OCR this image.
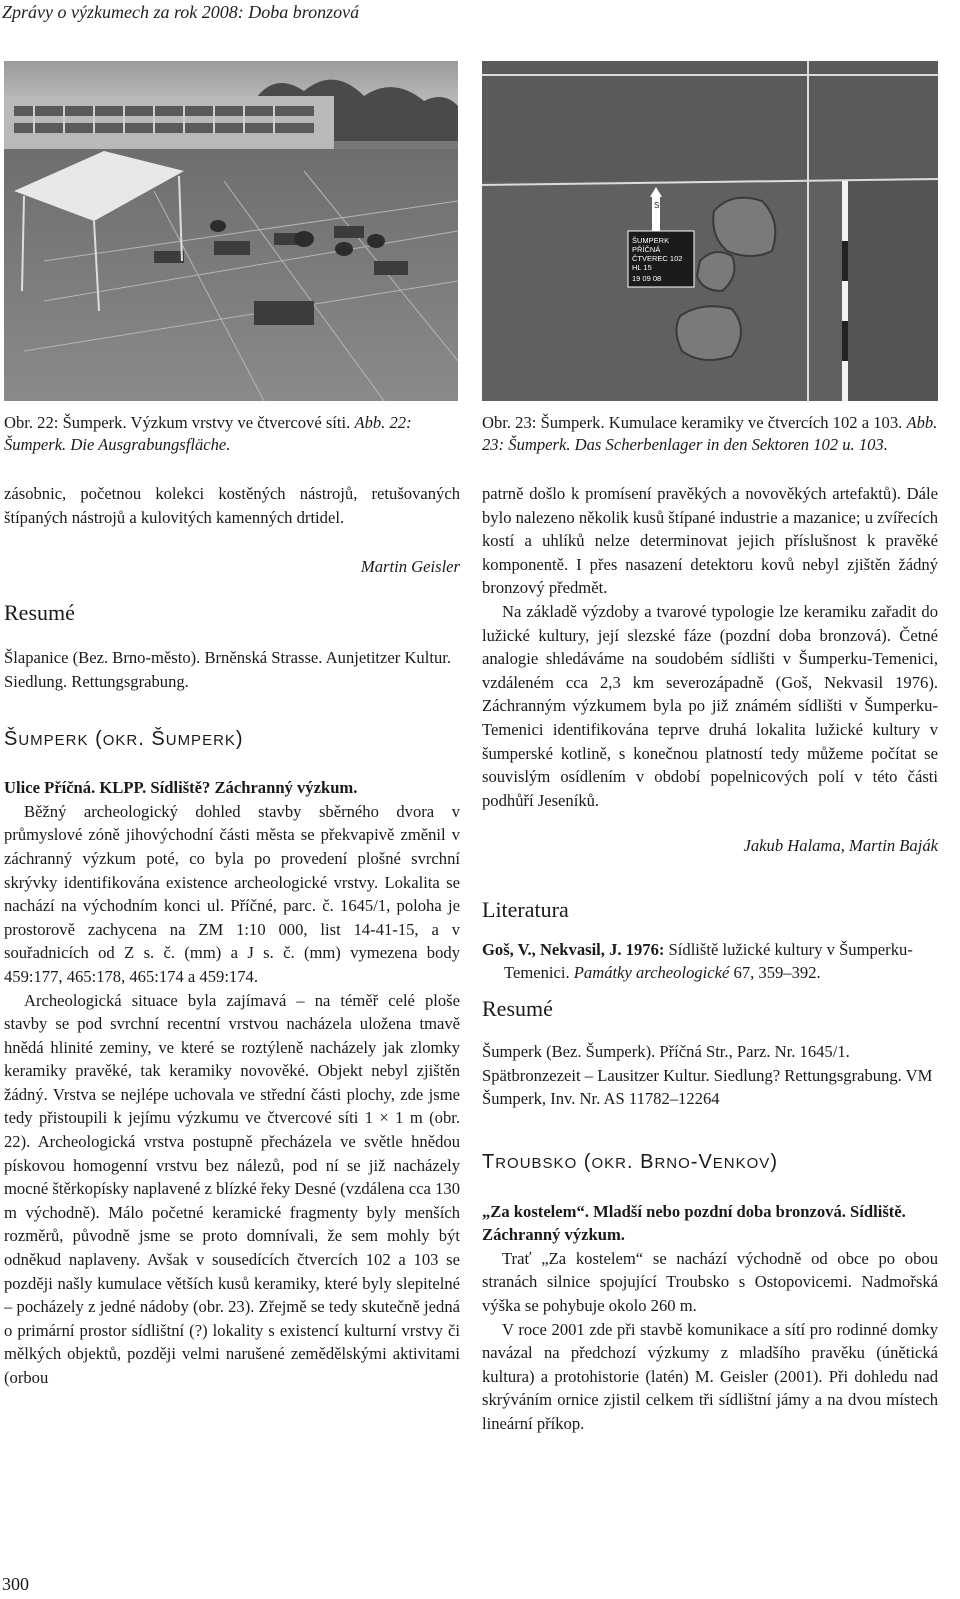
Zprávy o výzkumech za rok 2008: Doba bronzová
S
ŠUMPERK
PŘÍČNÁ
ČTVEREC 102
HL 15
19 09 08

Obr. 22: Šumperk. Výzkum vrstvy ve čtvercové síti. Abb. 22: Šumperk. Die Ausgrabungsfläche.

zásobnic, početnou kolekci kostěných nástrojů, retušovaných štípaných nástrojů a kulovitých kamenných drtidel.

Martin Geisler

Resumé

Šlapanice (Bez. Brno-město). Brněnská Strasse. Aunjetitzer Kultur. Siedlung. Rettungsgrabung.

ŠUMPERK (OKR. ŠUMPERK)

Ulice Příčná. KLPP. Sídliště? Záchranný výzkum.

Běžný archeologický dohled stavby sběrného dvora v průmyslové zóně jihovýchodní části města se překvapivě změnil v záchranný výzkum poté, co byla po provedení plošné svrchní skrývky identifikována existence archeologické vrstvy. Lokalita se nachází na východním konci ul. Příčné, parc. č. 1645/1, poloha je prostorově zachycena na ZM 1:10 000, list 14-41-15, a v souřadnicích od Z s. č. (mm) a J s. č. (mm) vymezena body 459:177, 465:178, 465:174 a 459:174.

Archeologická situace byla zajímavá – na téměř celé ploše stavby se pod svrchní recentní vrstvou nacházela uložena tmavě hnědá hlinité zeminy, ve které se roztýleně nacházely jak zlomky keramiky pravěké, tak keramiky novověké. Objekt nebyl zjištěn žádný. Vrstva se nejlépe uchovala ve střední části plochy, zde jsme tedy přistoupili k jejímu výzkumu ve čtvercové síti 1 × 1 m (obr. 22). Archeologická vrstva postupně přecházela ve světle hnědou pískovou homogenní vrstvu bez nálezů, pod ní se již nacházely mocné štěrkopísky naplavené z blízké řeky Desné (vzdálena cca 130 m východně). Málo početné keramické fragmenty byly menších rozměrů, původně jsme se proto domnívali, že sem mohly být odněkud naplaveny. Avšak v sousedících čtvercích 102 a 103 se později našly kumulace větších kusů keramiky, které byly slepitelné – pocházely z jedné nádoby (obr. 23). Zřejmě se tedy skutečně jedná o primární prostor sídlištní (?) lokality s existencí kulturní vrstvy či mělkých objektů, později velmi narušené zemědělskými aktivitami (orbou

Obr. 23: Šumperk. Kumulace keramiky ve čtvercích 102 a 103. Abb. 23: Šumperk. Das Scherbenlager in den Sektoren 102 u. 103.

patrně došlo k promísení pravěkých a novověkých artefaktů). Dále bylo nalezeno několik kusů štípané industrie a mazanice; u zvířecích kostí a uhlíků nelze determinovat jejich příslušnost k pravěké komponentě. I přes nasazení detektoru kovů nebyl zjištěn žádný bronzový předmět.

Na základě výzdoby a tvarové typologie lze keramiku zařadit do lužické kultury, její slezské fáze (pozdní doba bronzová). Četné analogie shledáváme na soudobém sídlišti v Šumperku-Temenici, vzdáleném cca 2,3 km severozápadně (Goš, Nekvasil 1976). Záchranným výzkumem byla po již známém sídlišti v Šumperku-Temenici identifikována teprve druhá lokalita lužické kultury v šumperské kotlině, s konečnou platností tedy můžeme počítat se souvislým osídlením v období popelnicových polí v této části podhůří Jeseníků.

Jakub Halama, Martin Baják

Literatura

Goš, V., Nekvasil, J. 1976: Sídliště lužické kultury v Šumperku-Temenici. Památky archeologické 67, 359–392.

Resumé

Šumperk (Bez. Šumperk). Příčná Str., Parz. Nr. 1645/1. Spätbronzezeit – Lausitzer Kultur. Siedlung? Rettungsgrabung. VM Šumperk, Inv. Nr. AS 11782–12264

TROUBSKO (OKR. BRNO-VENKOV)

„Za kostelem“. Mladší nebo pozdní doba bronzová. Sídliště. Záchranný výzkum.

Trať „Za kostelem“ se nachází východně od obce po obou stranách silnice spojující Troubsko s Ostopovicemi. Nadmořská výška se pohybuje okolo 260 m.

V roce 2001 zde při stavbě komunikace a sítí pro rodinné domky navázal na předchozí výzkumy z mladšího pravěku (únětická kultura) a protohistorie (latén) M. Geisler (2001). Při dohledu nad skrýváním ornice zjistil celkem tři sídlištní jámy a na dvou místech lineární příkop.

300
